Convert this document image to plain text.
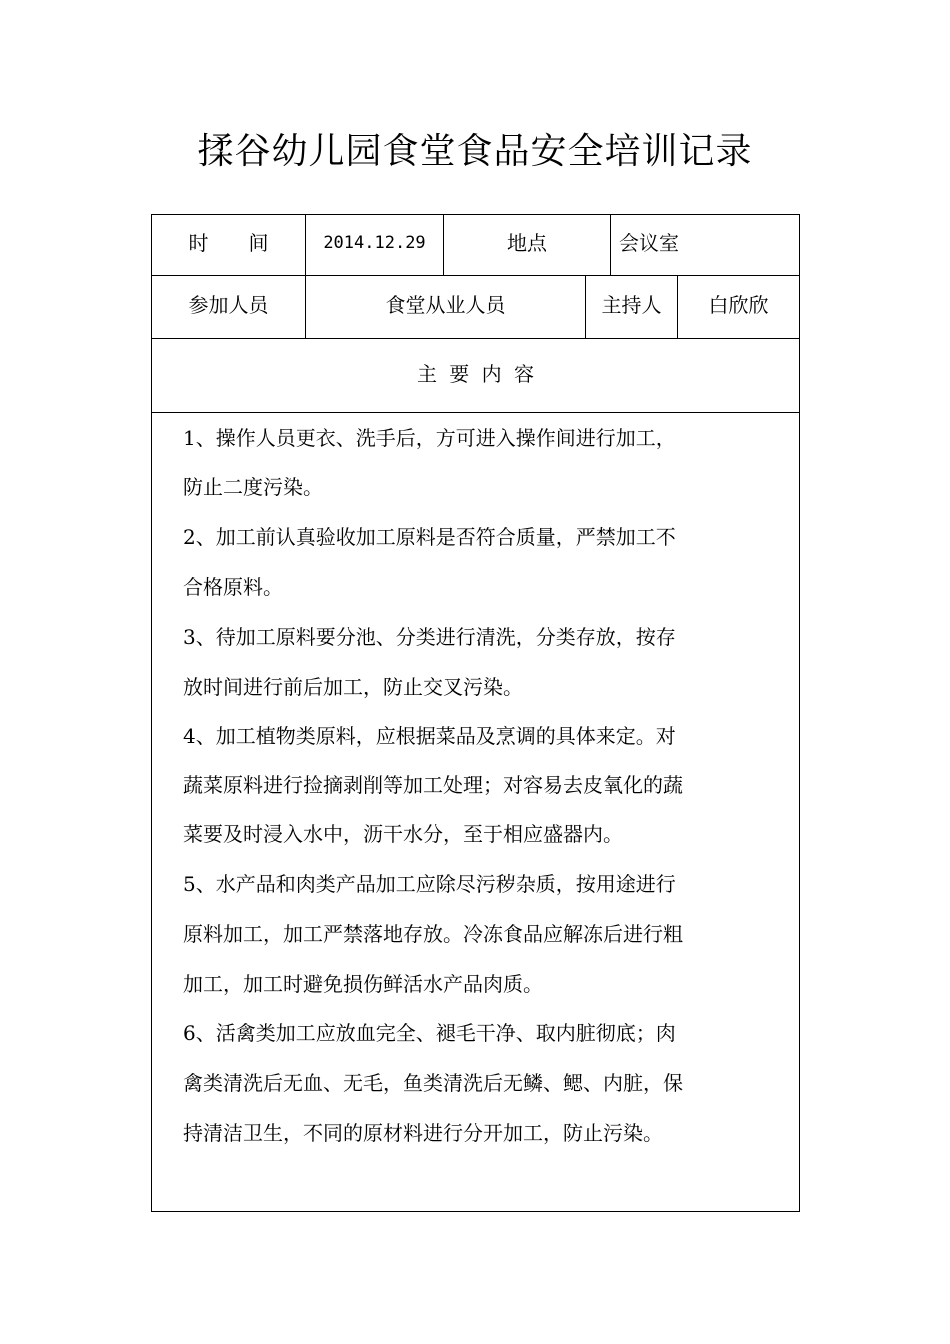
揉谷幼儿园食堂食品安全培训记录
时　　间	2014.12.29	地点	会议室
参加人员	食堂从业人员	主持人	白欣欣
主 要 内 容
1、操作人员更衣、洗手后，方可进入操作间进行加工，
防止二度污染。
2、加工前认真验收加工原料是否符合质量，严禁加工不
合格原料。
3、待加工原料要分池、分类进行清洗，分类存放，按存
放时间进行前后加工，防止交叉污染。
4、加工植物类原料，应根据菜品及烹调的具体来定。对
蔬菜原料进行捡摘剥削等加工处理；对容易去皮氧化的蔬
菜要及时浸入水中，沥干水分，至于相应盛器内。
5、水产品和肉类产品加工应除尽污秽杂质，按用途进行
原料加工，加工严禁落地存放。冷冻食品应解冻后进行粗
加工，加工时避免损伤鲜活水产品肉质。
6、活禽类加工应放血完全、褪毛干净、取内脏彻底；肉
禽类清洗后无血、无毛，鱼类清洗后无鳞、鳃、内脏，保
持清洁卫生，不同的原材料进行分开加工，防止污染。
